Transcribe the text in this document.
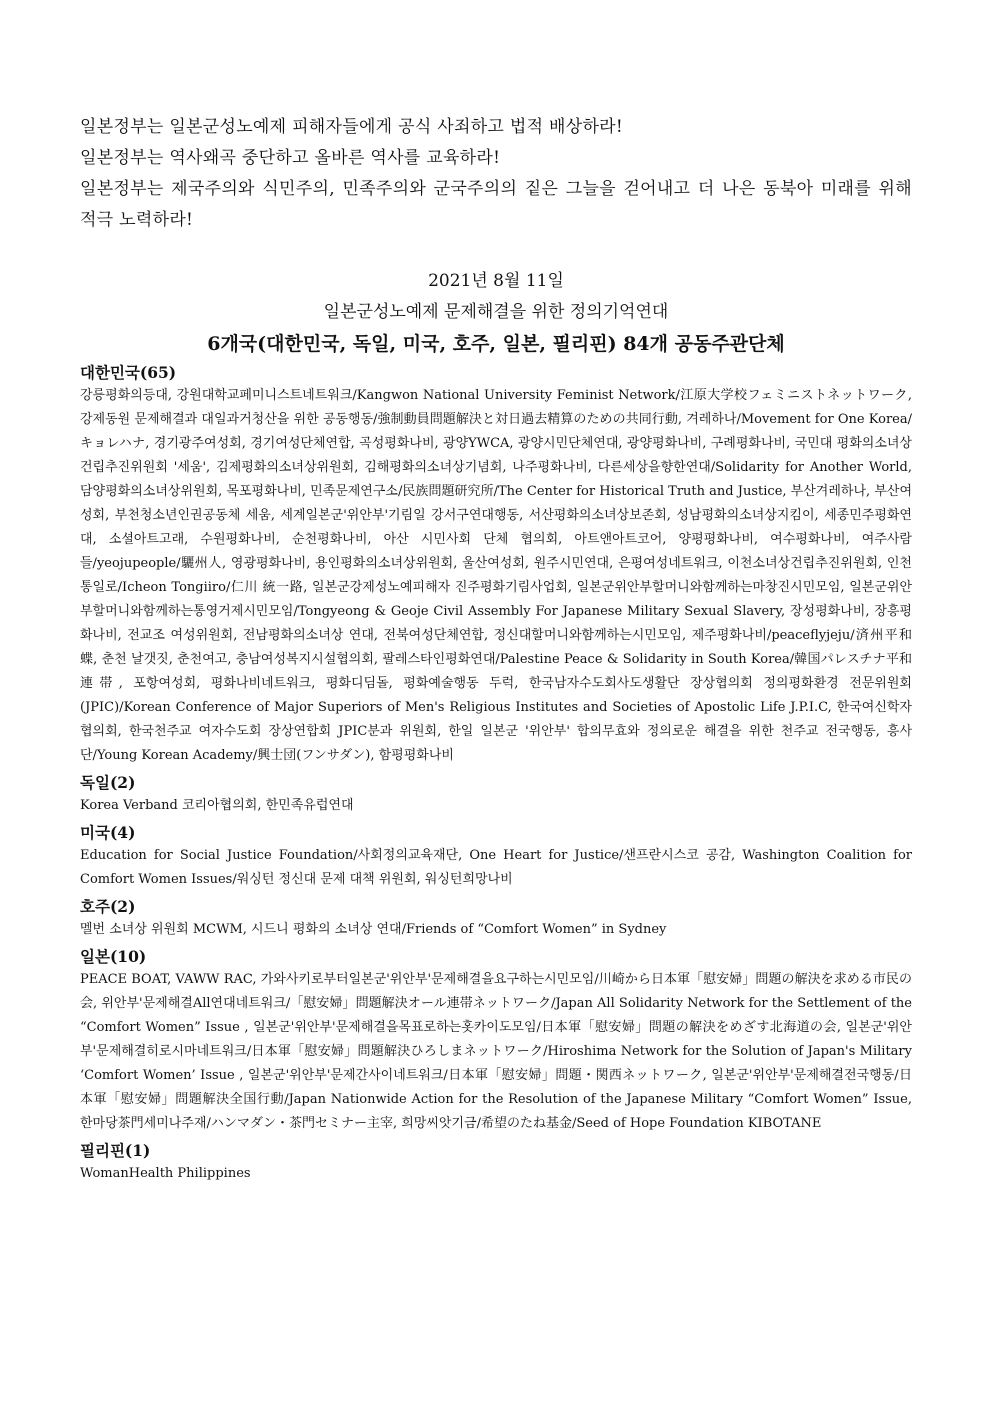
일본정부는 일본군성노예제 피해자들에게 공식 사죄하고 법적 배상하라!

일본정부는 역사왜곡 중단하고 올바른 역사를 교육하라!

일본정부는 제국주의와 식민주의, 민족주의와 군국주의의 짙은 그늘을 걷어내고 더 나은 동북아 미래를 위해 적극 노력하라!

2021년 8월 11일
일본군성노예제 문제해결을 위한 정의기억연대
6개국(대한민국, 독일, 미국, 호주, 일본, 필리핀) 84개 공동주관단체
대한민국(65)

강릉평화의등대, 강원대학교페미니스트네트워크/Kangwon National University Feminist Network/江原大学校フェミニストネットワーク, 강제동원 문제해결과 대일과거청산을 위한 공동행동/強制動員問題解決と対日過去精算のための共同行動, 겨레하나/Movement for One Korea/キョレハナ, 경기광주여성회, 경기여성단체연합, 곡성평화나비, 광양YWCA, 광양시민단체연대, 광양평화나비, 구례평화나비, 국민대 평화의소녀상 건립추진위원회 '세움', 김제평화의소녀상위원회, 김해평화의소녀상기념회, 나주평화나비, 다른세상을향한연대/Solidarity for Another World, 담양평화의소녀상위원회, 목포평화나비, 민족문제연구소/民族問題研究所/The Center for Historical Truth and Justice, 부산겨레하나, 부산여성회, 부천청소년인권공동체 세움, 세계일본군'위안부'기림일 강서구연대행동, 서산평화의소녀상보존회, 성남평화의소녀상지킴이, 세종민주평화연대, 소셜아트고래, 수원평화나비, 순천평화나비, 아산 시민사회 단체 협의회, 아트앤아트코어, 양평평화나비, 여수평화나비, 여주사람들/yeojupeople/驪州人, 영광평화나비, 용인평화의소녀상위원회, 울산여성회, 원주시민연대, 은평여성네트워크, 이천소녀상건립추진위원회, 인천통일로/Icheon Tongiiro/仁川 統一路, 일본군강제성노예피해자 진주평화기림사업회, 일본군위안부할머니와함께하는마창진시민모임, 일본군위안부할머니와함께하는통영거제시민모임/Tongyeong & Geoje Civil Assembly For Japanese Military Sexual Slavery, 장성평화나비, 장흥평화나비, 전교조 여성위원회, 전남평화의소녀상 연대, 전북여성단체연합, 정신대할머니와함께하는시민모임, 제주평화나비/peaceflyjeju/済州平和蝶, 춘천 날갯짓, 춘천여고, 충남여성복지시설협의회, 팔레스타인평화연대/Palestine Peace & Solidarity in South Korea/韓国パレスチナ平和連帯, 포항여성회, 평화나비네트워크, 평화디딤돌, 평화예술행동 두럭, 한국남자수도회사도생활단 장상협의회 정의평화환경 전문위원회(JPIC)/Korean Conference of Major Superiors of Men's Religious Institutes and Societies of Apostolic Life J.P.I.C, 한국여신학자협의회, 한국천주교 여자수도회 장상연합회 JPIC분과 위원회, 한일 일본군 '위안부' 합의무효와 정의로운 해결을 위한 천주교 전국행동, 흥사단/Young Korean Academy/興士団(フンサダン), 함평평화나비

독일(2)

Korea Verband 코리아협의회, 한민족유럽연대

미국(4)

Education for Social Justice Foundation/사회정의교육재단, One Heart for Justice/샌프란시스코 공감, Washington Coalition for Comfort Women Issues/워싱턴 정신대 문제 대책 위원회, 워싱턴희망나비

호주(2)

멜번 소녀상 위원회 MCWM, 시드니 평화의 소녀상 연대/Friends of “Comfort Women” in Sydney

일본(10)

PEACE BOAT, VAWW RAC, 가와사키로부터일본군'위안부'문제해결을요구하는시민모임/川崎から日本軍「慰安婦」問題の解決を求める市民の会, 위안부'문제해결All연대네트워크/「慰安婦」問題解決オール連帯ネットワーク/Japan All Solidarity Network for the Settlement of the “Comfort Women” Issue , 일본군'위안부'문제해결을목표로하는홋카이도모임/日本軍「慰安婦」問題の解決をめざす北海道の会, 일본군'위안부'문제해결히로시마네트워크/日本軍「慰安婦」問題解決ひろしまネットワーク/Hiroshima Network for the Solution of Japan's Military ‘Comfort Women’ Issue , 일본군'위안부'문제간사이네트워크/日本軍「慰安婦」問題・関西ネットワーク, 일본군'위안부'문제해결전국행동/日本軍「慰安婦」問題解決全国行動/Japan Nationwide Action for the Resolution of the Japanese Military “Comfort Women” Issue, 한마당茶門세미나주재/ハンマダン・茶門セミナー主宰, 희망씨앗기금/希望のたね基金/Seed of Hope Foundation KIBOTANE

필리핀(1)

WomanHealth Philippines
